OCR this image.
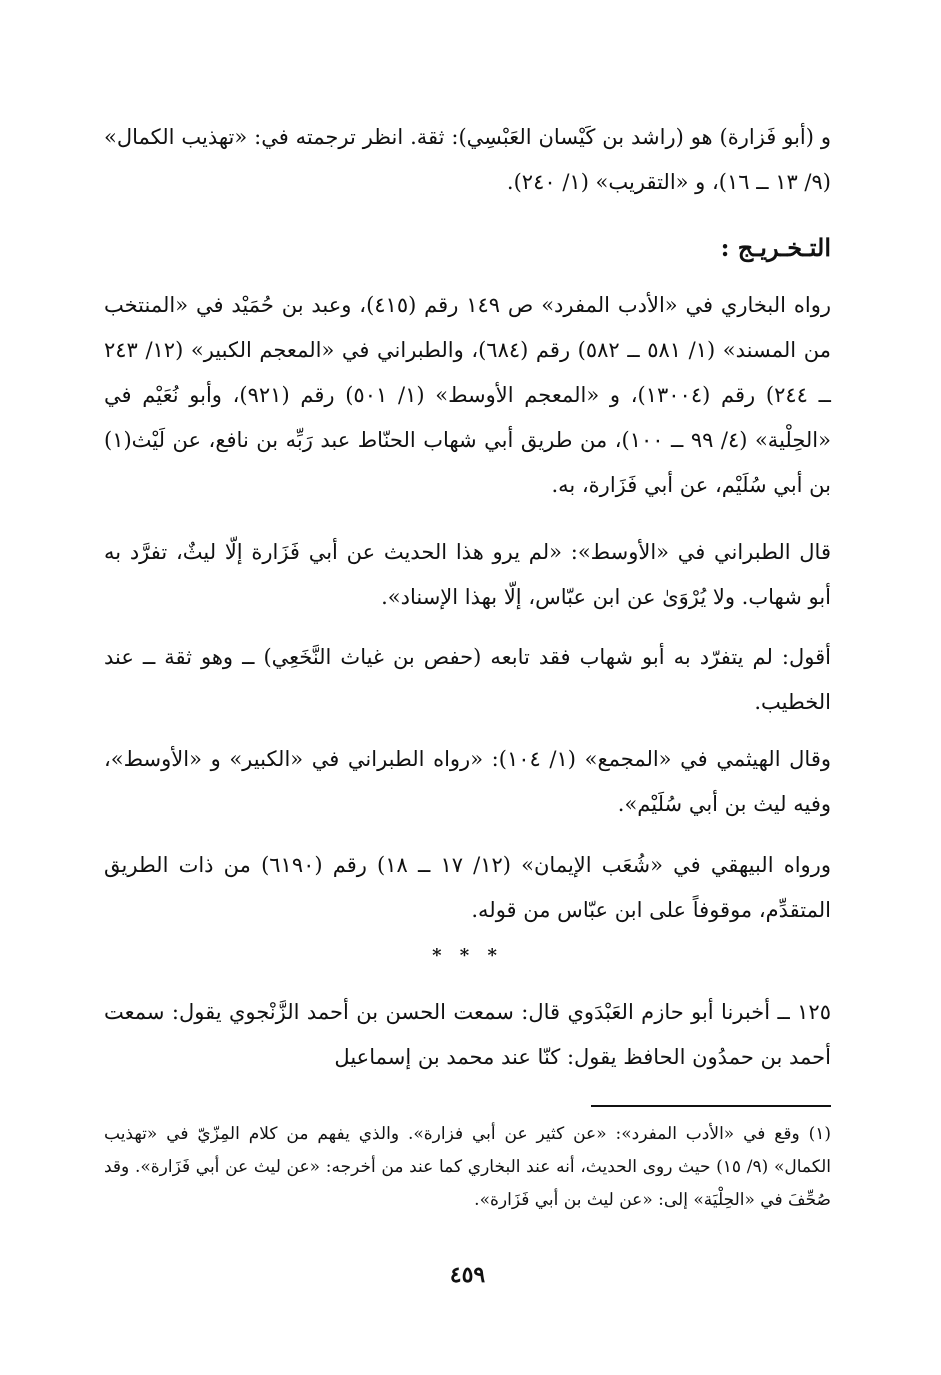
و (أبو فَزارة) هو (راشد بن كَيْسان العَبْسِي): ثقة. انظر ترجمته في: «تهذيب الكمال» (٩/ ١٣ ــ ١٦)، و «التقريب» (١/ ٢٤٠).

التـخـريـج :

رواه البخاري في «الأدب المفرد» ص ١٤٩ رقم (٤١٥)، وعبد بن حُمَيْد في «المنتخب من المسند» (١/ ٥٨١ ــ ٥٨٢) رقم (٦٨٤)، والطبراني في «المعجم الكبير» (١٢/ ٢٤٣ ــ ٢٤٤) رقم (١٣٠٠٤)، و «المعجم الأوسط» (١/ ٥٠١) رقم (٩٢١)، وأبو نُعَيْم في «الحِلْية» (٤/ ٩٩ ــ ١٠٠)، من طريق أبي شهاب الحنّاط عبد رَبِّه بن نافع، عن لَيْث(١) بن أبي سُلَيْم، عن أبي فَزَارة، به.

قال الطبراني في «الأوسط»: «لم يرو هذا الحديث عن أبي فَزَارة إلّا ليثٌ، تفرَّد به أبو شهاب. ولا يُرْوَىٰ عن ابن عبّاس، إلّا بهذا الإسناد».

أقول: لم يتفرّد به أبو شهاب فقد تابعه (حفص بن غياث النَّخَعِي) ــ وهو ثقة ــ عند الخطيب.

وقال الهيثمي في «المجمع» (١/ ١٠٤): «رواه الطبراني في «الكبير» و «الأوسط»، وفيه ليث بن أبي سُلَيْم».

ورواه البيهقي في «شُعَب الإيمان» (١٢/ ١٧ ــ ١٨) رقم (٦١٩٠) من ذات الطريق المتقدِّم، موقوفاً على ابن عبّاس من قوله.

* * *

١٢٥ ــ أخبرنا أبو حازم العَبْدَوي قال: سمعت الحسن بن أحمد الزَّنْجوي يقول: سمعت أحمد بن حمدُون الحافظ يقول: كنّا عند محمد بن إسماعيل

(١) وقع في «الأدب المفرد»: «عن كثير عن أبي فزارة». والذي يفهم من كلام المِزّيّ في «تهذيب الكمال» (٩/ ١٥) حيث روى الحديث، أنه عند البخاري كما عند من أخرجه: «عن ليث عن أبي فَزَارة». وقد صُحِّفَ في «الحِلْيَة» إلى: «عن ليث بن أبي فَزَارة».

٤٥٩
